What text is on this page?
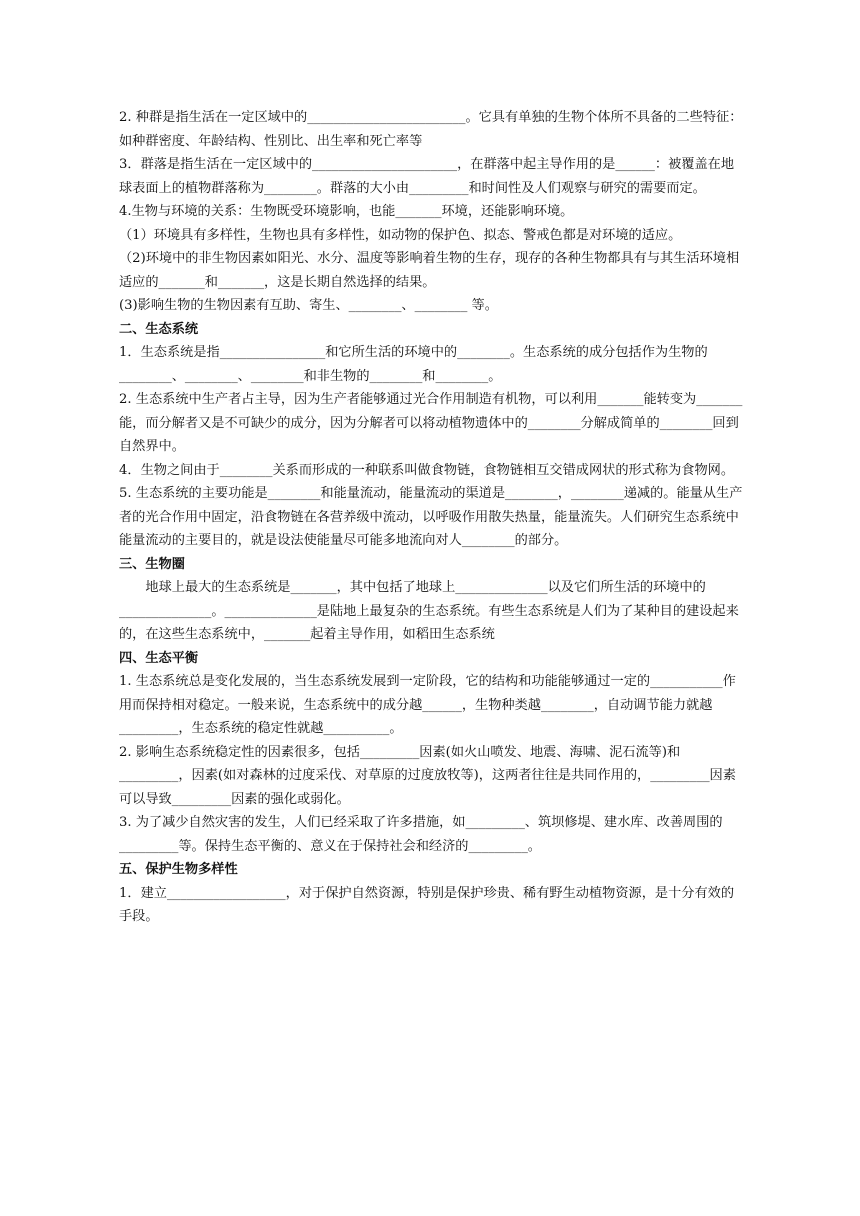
2. 种群是指生活在一定区域中的________________________。它具有单独的生物个体所不具备的二些特征：如种群密度、年龄结构、性别比、出生率和死亡率等

3．群落是指生活在一定区域中的______________________，在群落中起主导作用的是______：被覆盖在地球表面上的植物群落称为________。群落的大小由_________和时间性及人们观察与研究的需要而定。

4.生物与环境的关系：生物既受环境影响，也能_______环境，还能影响环境。

（1）环境具有多样性，生物也具有多样性，如动物的保护色、拟态、警戒色都是对环境的适应。

（2)环境中的非生物因素如阳光、水分、温度等影响着生物的生存，现存的各种生物都具有与其生活环境相适应的_______和_______，这是长期自然选择的结果。

(3)影响生物的生物因素有互助、寄生、________、________ 等。

二、生态系统

1．生态系统是指________________和它所生活的环境中的________。生态系统的成分包括作为生物的________、________、________和非生物的________和________。

2. 生态系统中生产者占主导，因为生产者能够通过光合作用制造有机物，可以利用_______能转变为_______能，而分解者又是不可缺少的成分，因为分解者可以将动植物遗体中的________分解成简单的________回到自然界中。

4．生物之间由于________关系而形成的一种联系叫做食物链，食物链相互交错成网状的形式称为食物网。

5. 生态系统的主要功能是________和能量流动，能量流动的渠道是________，________递减的。能量从生产者的光合作用中固定，沿食物链在各营养级中流动，以呼吸作用散失热量，能量流失。人们研究生态系统中能量流动的主要目的，就是设法使能量尽可能多地流向对人________的部分。

三、生物圈

地球上最大的生态系统是_______，其中包括了地球上______________以及它们所生活的环境中的______________。______________是陆地上最复杂的生态系统。有些生态系统是人们为了某种目的建设起来的，在这些生态系统中，_______起着主导作用，如稻田生态系统

四、生态平衡

1. 生态系统总是变化发展的，当生态系统发展到一定阶段，它的结构和功能能够通过一定的___________作用而保持相对稳定。一般来说，生态系统中的成分越______，生物种类越________，自动调节能力就越_________，生态系统的稳定性就越__________。

2. 影响生态系统稳定性的因素很多，包括_________因素(如火山喷发、地震、海啸、泥石流等)和_________，因素(如对森林的过度采伐、对草原的过度放牧等)，这两者往往是共同作用的，_________因素可以导致_________因素的强化或弱化。

3. 为了减少自然灾害的发生，人们已经采取了许多措施，如_________、筑坝修堤、建水库、改善周围的_________等。保持生态平衡的、意义在于保持社会和经济的_________。

五、保护生物多样性

1．建立__________________，对于保护自然资源，特别是保护珍贵、稀有野生动植物资源，是十分有效的手段。
